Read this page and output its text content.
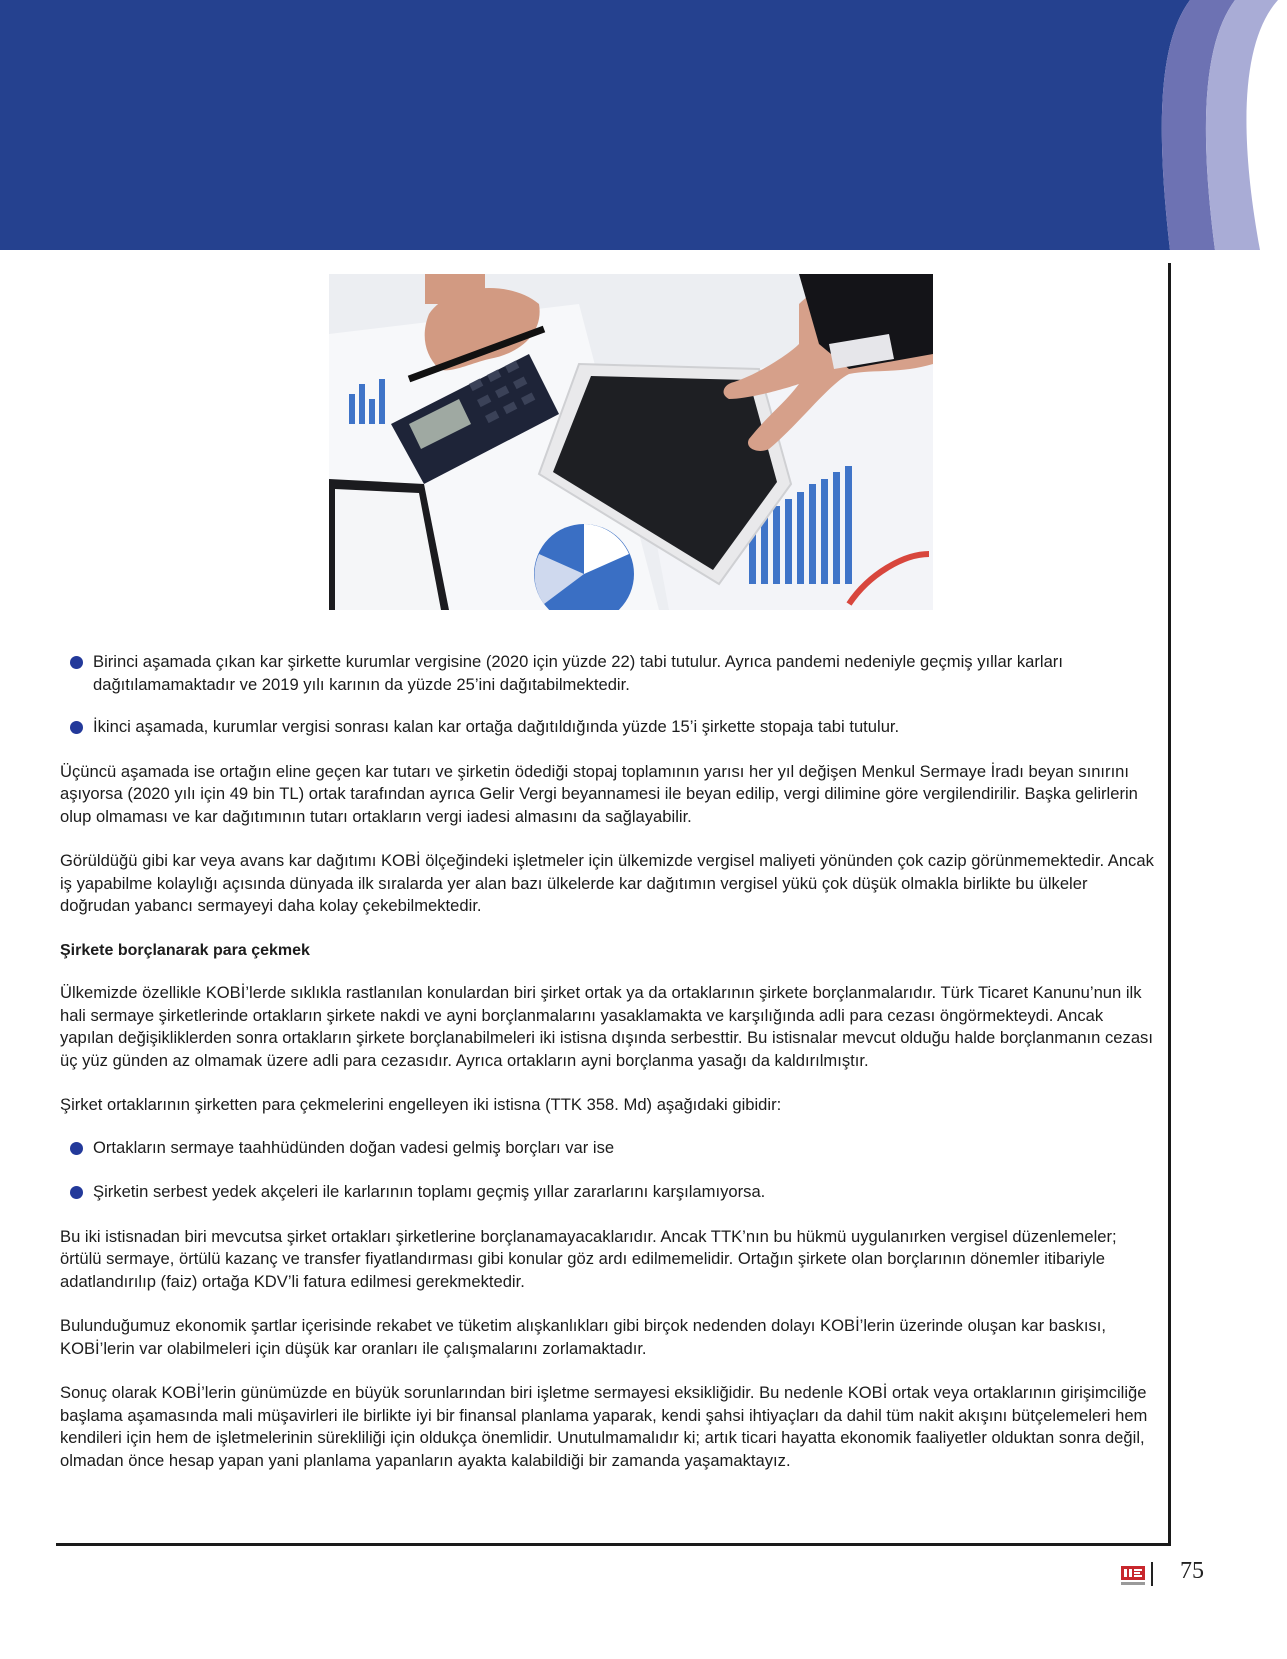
Birinci aşamada çıkan kar şirkette kurumlar vergisine (2020 için yüzde 22) tabi tutulur. Ayrıca pandemi nedeniyle geçmiş yıllar karları dağıtılamamaktadır ve 2019 yılı karının da yüzde 25’ini dağıtabilmektedir.

İkinci aşamada, kurumlar vergisi sonrası kalan kar ortağa dağıtıldığında yüzde 15’i şirkette stopaja tabi tutulur.

Üçüncü aşamada ise ortağın eline geçen kar tutarı ve şirketin ödediği stopaj toplamının yarısı her yıl değişen Menkul Sermaye İradı beyan sınırını aşıyorsa (2020 yılı için 49 bin TL) ortak tarafından ayrıca Gelir Vergi beyannamesi ile beyan edilip, vergi dilimine göre vergilendirilir. Başka gelirlerin olup olmaması ve kar dağıtımının tutarı ortakların vergi iadesi almasını da sağlayabilir.

Görüldüğü gibi kar veya avans kar dağıtımı KOBİ ölçeğindeki işletmeler için ülkemizde vergisel maliyeti yönünden çok cazip görünmemektedir. Ancak iş yapabilme kolaylığı açısında dünyada ilk sıralarda yer alan bazı ülkelerde kar dağıtımın vergisel yükü çok düşük olmakla birlikte bu ülkeler doğrudan yabancı sermayeyi daha kolay çekebilmektedir.

Şirkete borçlanarak para çekmek

Ülkemizde özellikle KOBİ’lerde sıklıkla rastlanılan konulardan biri şirket ortak ya da ortaklarının şirkete borçlanmalarıdır. Türk Ticaret Kanunu’nun ilk hali sermaye şirketlerinde ortakların şirkete nakdi ve ayni borçlanmalarını yasaklamakta ve karşılığında adli para cezası öngörmekteydi. Ancak yapılan değişikliklerden sonra ortakların şirkete borçlanabilmeleri iki istisna dışında serbesttir. Bu istisnalar mevcut olduğu halde borçlanmanın cezası üç yüz günden az olmamak üzere adli para cezasıdır. Ayrıca ortakların ayni borçlanma yasağı da kaldırılmıştır.

Şirket ortaklarının şirketten para çekmelerini engelleyen iki istisna (TTK 358. Md) aşağıdaki gibidir:

Ortakların sermaye taahhüdünden doğan vadesi gelmiş borçları var ise

Şirketin serbest yedek akçeleri ile karlarının toplamı geçmiş yıllar zararlarını karşılamıyorsa.

Bu iki istisnadan biri mevcutsa şirket ortakları şirketlerine borçlanamayacaklarıdır. Ancak TTK’nın bu hükmü uygulanırken vergisel düzenlemeler; örtülü sermaye, örtülü kazanç ve transfer fiyatlandırması gibi konular göz ardı edilmemelidir. Ortağın şirkete olan borçlarının dönemler itibariyle adatlandırılıp (faiz) ortağa KDV’li fatura edilmesi gerekmektedir.

Bulunduğumuz ekonomik şartlar içerisinde rekabet ve tüketim alışkanlıkları gibi birçok nedenden dolayı KOBİ’lerin üzerinde oluşan kar baskısı, KOBİ’lerin var olabilmeleri için düşük kar oranları ile çalışmalarını zorlamaktadır.

Sonuç olarak KOBİ’lerin günümüzde en büyük sorunlarından biri işletme sermayesi eksikliğidir. Bu nedenle KOBİ ortak veya ortaklarının girişimciliğe başlama aşamasında mali müşavirleri ile birlikte iyi bir finansal planlama yaparak, kendi şahsi ihtiyaçları da dahil tüm nakit akışını bütçelemeleri hem kendileri için hem de işletmelerinin sürekliliği için oldukça önemlidir. Unutulmamalıdır ki; artık ticari hayatta ekonomik faaliyetler olduktan sonra değil, olmadan önce hesap yapan yani planlama yapanların ayakta kalabildiği bir zamanda yaşamaktayız.

75
